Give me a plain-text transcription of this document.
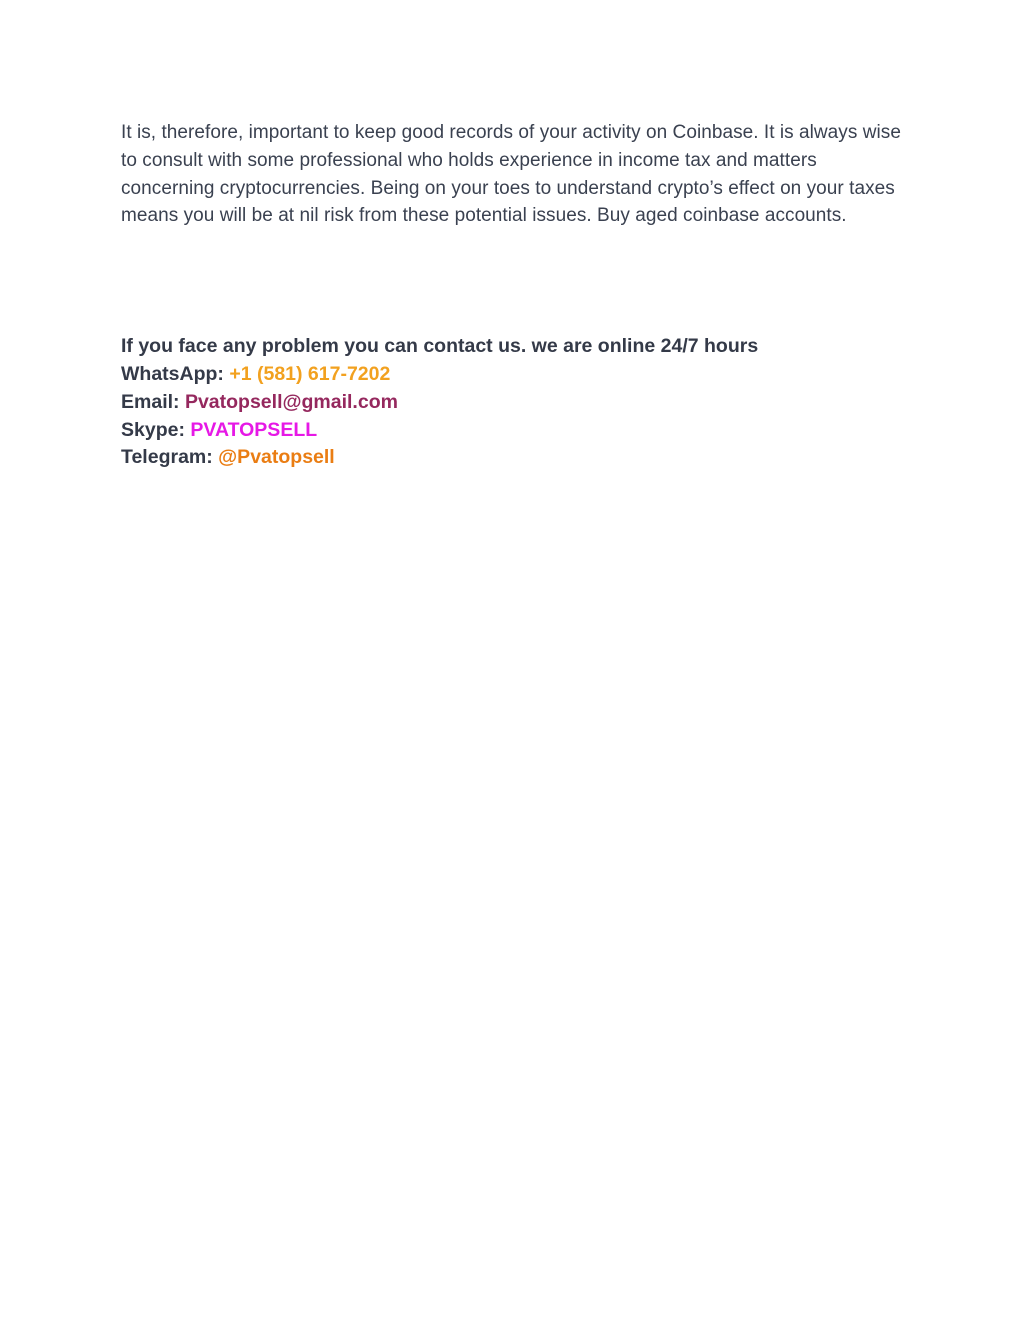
It is, therefore, important to keep good records of your activity on Coinbase. It is always wise to consult with some professional who holds experience in income tax and matters concerning cryptocurrencies. Being on your toes to understand crypto’s effect on your taxes means you will be at nil risk from these potential issues. Buy aged coinbase accounts.

If you face any problem you can contact us. we are online 24/7 hours
WhatsApp: +1 (581) 617-7202
Email: Pvatopsell@gmail.com
Skype: PVATOPSELL
Telegram: @Pvatopsell
